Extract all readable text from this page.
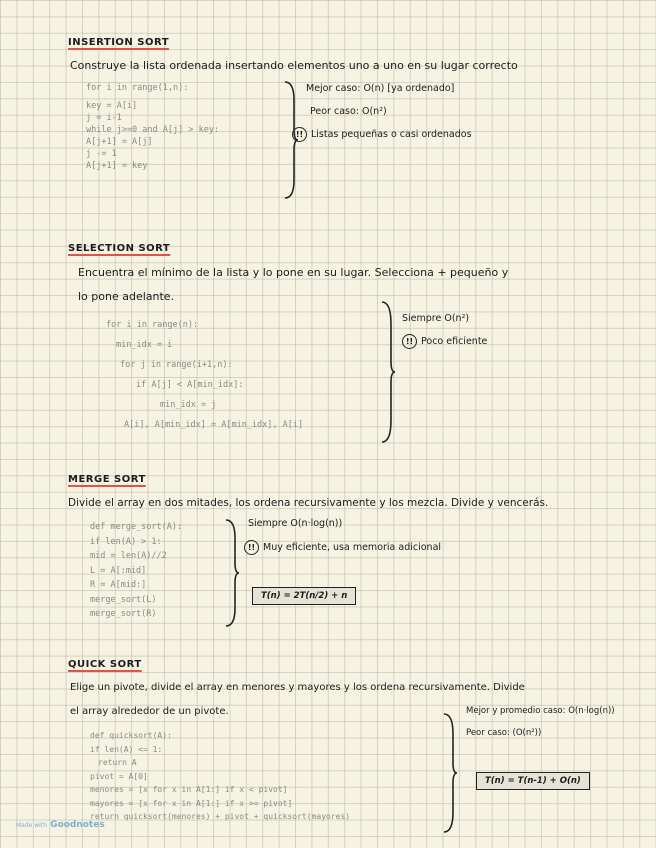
INSERTION SORT
Construye la lista ordenada insertando elementos uno a uno en su lugar correcto
for i in range(1,n):
key = A[i]
j = i-1
while j>=0 and A[j] > key:
A[j+1] = A[j]
j -= 1
A[j+1] = key
Mejor caso: O(n) [ya ordenado]
Peor caso: O(n²)
!! Listas pequeñas o casi ordenados
SELECTION SORT
Encuentra el mínimo de la lista y lo pone en su lugar. Selecciona + pequeño y
lo pone adelante.
for i in range(n):
min_idx = i
for j in range(i+1,n):
if A[j] < A[min_idx]:
min_idx = j
A[i], A[min_idx] = A[min_idx], A[i]
Siempre O(n²)
!! Poco eficiente
MERGE SORT
Divide el array en dos mitades, los ordena recursivamente y los mezcla. Divide y vencerás.
def merge_sort(A):
if len(A) > 1:
mid = len(A)//2
L = A[:mid]
R = A[mid:]
merge_sort(L)
merge_sort(R)
Siempre O(n·log(n))
!! Muy eficiente, usa memoria adicional
T(n) = 2T(n/2) + n
QUICK SORT
Elige un pivote, divide el array en menores y mayores y los ordena recursivamente. Divide
el array alrededor de un pivote.
def quicksort(A):
if len(A) <= 1:
return A
pivot = A[0]
menores = [x for x in A[1:] if x < pivot]
mayores = [x for x in A[1:] if x >= pivot]
return quicksort(menores) + pivot + quicksort(mayores)
Mejor y promedio caso: O(n·log(n))
Peor caso: (O(n²))
T(n) = T(n-1) + O(n)
Made with Goodnotes
